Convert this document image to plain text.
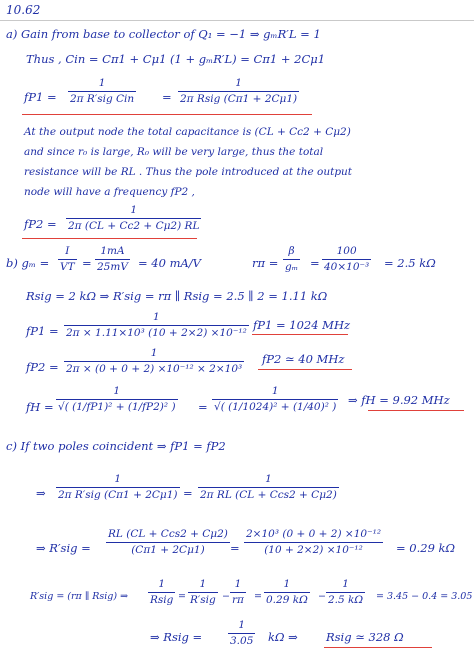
10.62
a) Gain from base to collector of Q₁ = −1 ⇒ gₘR′L = 1
Thus , Cin = Cπ1 + Cμ1 (1 + gₘR′L) = Cπ1 + 2Cμ1
fP1 =
1
2π R′sig Cin =
1
2π Rsig (Cπ1 + 2Cμ1)
At the output node the total capacitance is (CL + Cc2 + Cμ2)
and since r₀ is large, R₀ will be very large, thus the total
resistance will be RL . Thus the pole introduced at the output
node will have a frequency fP2 ,
fP2 =
1
2π (CL + Cc2 + Cμ2) RL
b) gₘ =
I
VT =
1mA
25mV = 40 mA/V	rπ =
β
gₘ =
100
40×10⁻³ = 2.5 kΩ
Rsig = 2 kΩ ⇒ R′sig = rπ ∥ Rsig = 2.5 ∥ 2 = 1.11 kΩ
fP1 =
1
2π × 1.11×10³ (10 + 2×2) ×10⁻¹²
fP1 = 1024 MHz
fP2 =
1
2π × (0 + 0 + 2) ×10⁻¹² × 2×10³
fP2 ≃ 40 MHz
fH =
1
√( (1/fP1)² + (1/fP2)² ) =
1
√( (1/1024)² + (1/40)² ) ⇒ fH = 9.92 MHz
c) If two poles coincident ⇒ fP1 = fP2
⇒
1
2π R′sig (Cπ1 + 2Cμ1) =
1
2π RL (CL + Ccs2 + Cμ2)
⇒ R′sig =
RL (CL + Ccs2 + Cμ2)
(Cπ1 + 2Cμ1) =
2×10³ (0 + 0 + 2) ×10⁻¹²
(10 + 2×2) ×10⁻¹²	= 0.29 kΩ
R′sig = (rπ ∥ Rsig) ⇒
1
Rsig =
1
R′sig −
1
rπ =
1
0.29 kΩ −
1
2.5 kΩ = 3.45 − 0.4 = 3.05
⇒ Rsig =
1
3.05 kΩ ⇒ Rsig ≃ 328 Ω
